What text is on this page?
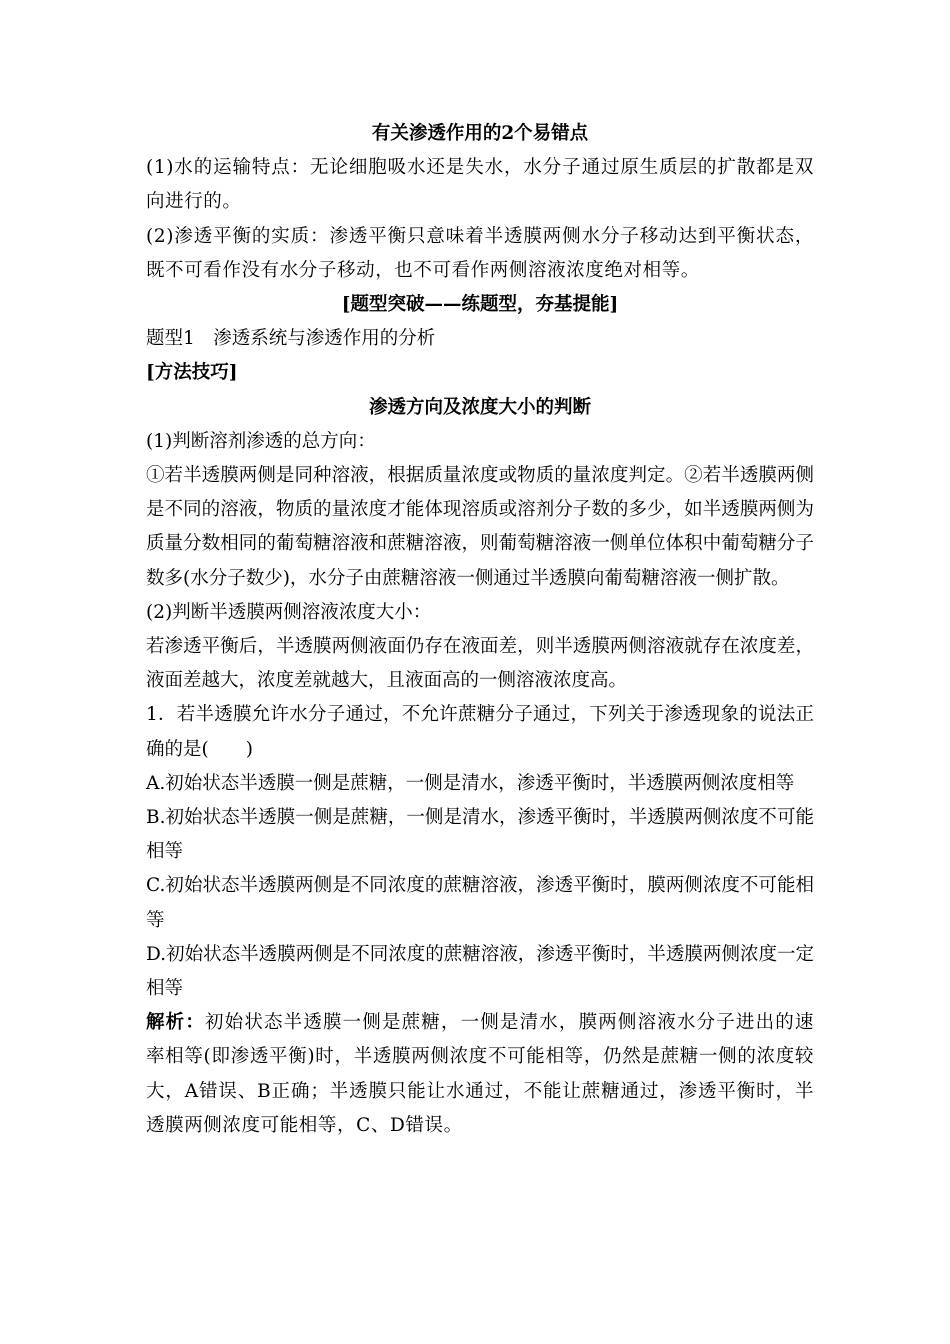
有关渗透作用的2个易错点

(1)水的运输特点：无论细胞吸水还是失水，水分子通过原生质层的扩散都是双向进行的。

(2)渗透平衡的实质：渗透平衡只意味着半透膜两侧水分子移动达到平衡状态，既不可看作没有水分子移动，也不可看作两侧溶液浓度绝对相等。

[题型突破——练题型，夯基提能]

题型1　渗透系统与渗透作用的分析

[方法技巧]

渗透方向及浓度大小的判断

(1)判断溶剂渗透的总方向：

①若半透膜两侧是同种溶液，根据质量浓度或物质的量浓度判定。②若半透膜两侧是不同的溶液，物质的量浓度才能体现溶质或溶剂分子数的多少，如半透膜两侧为质量分数相同的葡萄糖溶液和蔗糖溶液，则葡萄糖溶液一侧单位体积中葡萄糖分子数多(水分子数少)，水分子由蔗糖溶液一侧通过半透膜向葡萄糖溶液一侧扩散。

(2)判断半透膜两侧溶液浓度大小：

若渗透平衡后，半透膜两侧液面仍存在液面差，则半透膜两侧溶液就存在浓度差，液面差越大，浓度差就越大，且液面高的一侧溶液浓度高。

1．若半透膜允许水分子通过，不允许蔗糖分子通过，下列关于渗透现象的说法正确的是(　　)

A.初始状态半透膜一侧是蔗糖，一侧是清水，渗透平衡时，半透膜两侧浓度相等

B.初始状态半透膜一侧是蔗糖，一侧是清水，渗透平衡时，半透膜两侧浓度不可能相等

C.初始状态半透膜两侧是不同浓度的蔗糖溶液，渗透平衡时，膜两侧浓度不可能相等

D.初始状态半透膜两侧是不同浓度的蔗糖溶液，渗透平衡时，半透膜两侧浓度一定相等

解析：初始状态半透膜一侧是蔗糖，一侧是清水，膜两侧溶液水分子进出的速率相等(即渗透平衡)时，半透膜两侧浓度不可能相等，仍然是蔗糖一侧的浓度较大，A错误、B正确；半透膜只能让水通过，不能让蔗糖通过，渗透平衡时，半透膜两侧浓度可能相等，C、D错误。
